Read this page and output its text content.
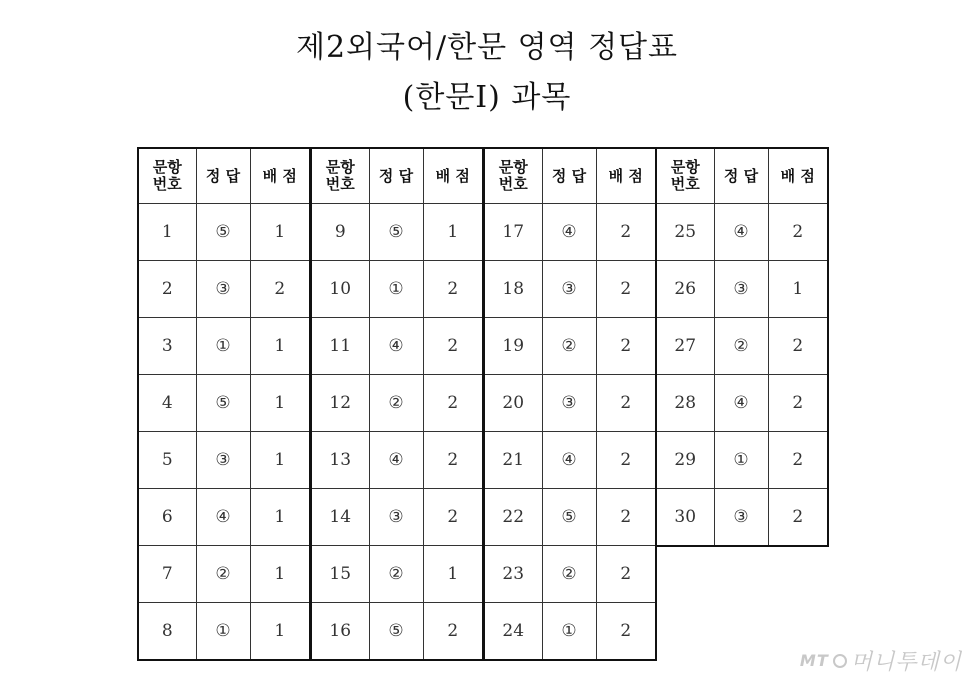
제2외국어/한문 영역 정답표
(한문Ⅰ) 과목
문항
번호	정 답	배 점
1	⑤	1
2	③	2
3	①	1
4	⑤	1
5	③	1
6	④	1
7	②	1
8	①	1
문항
번호	정 답	배 점
9	⑤	1
10	①	2
11	④	2
12	②	2
13	④	2
14	③	2
15	②	1
16	⑤	2
문항
번호	정 답	배 점
17	④	2
18	③	2
19	②	2
20	③	2
21	④	2
22	⑤	2
23	②	2
24	①	2
문항
번호	정 답	배 점
25	④	2
26	③	1
27	②	2
28	④	2
29	①	2
30	③	2
MT 머니투데이
